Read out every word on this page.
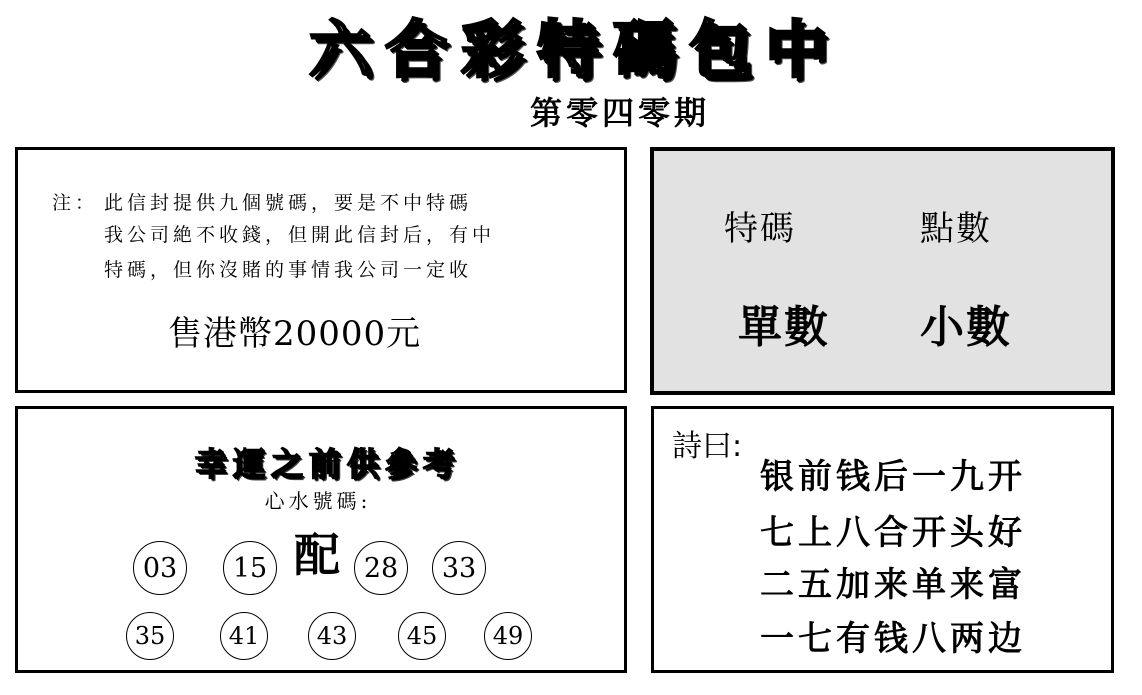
六合彩特碼包中
第零四零期
注： 此信封提供九個號碼，要是不中特碼
我公司絶不收錢，但開此信封后，有中
特碼，但你沒賭的事情我公司一定收
售港幣20000元
特碼	點數
單數 小數
幸運之前供參考
心水號碼:
配
03	15	28	33
35	41	43	45	49
詩曰:
银前钱后一九开
七上八合开头好
二五加来单来富
一七有钱八两边
